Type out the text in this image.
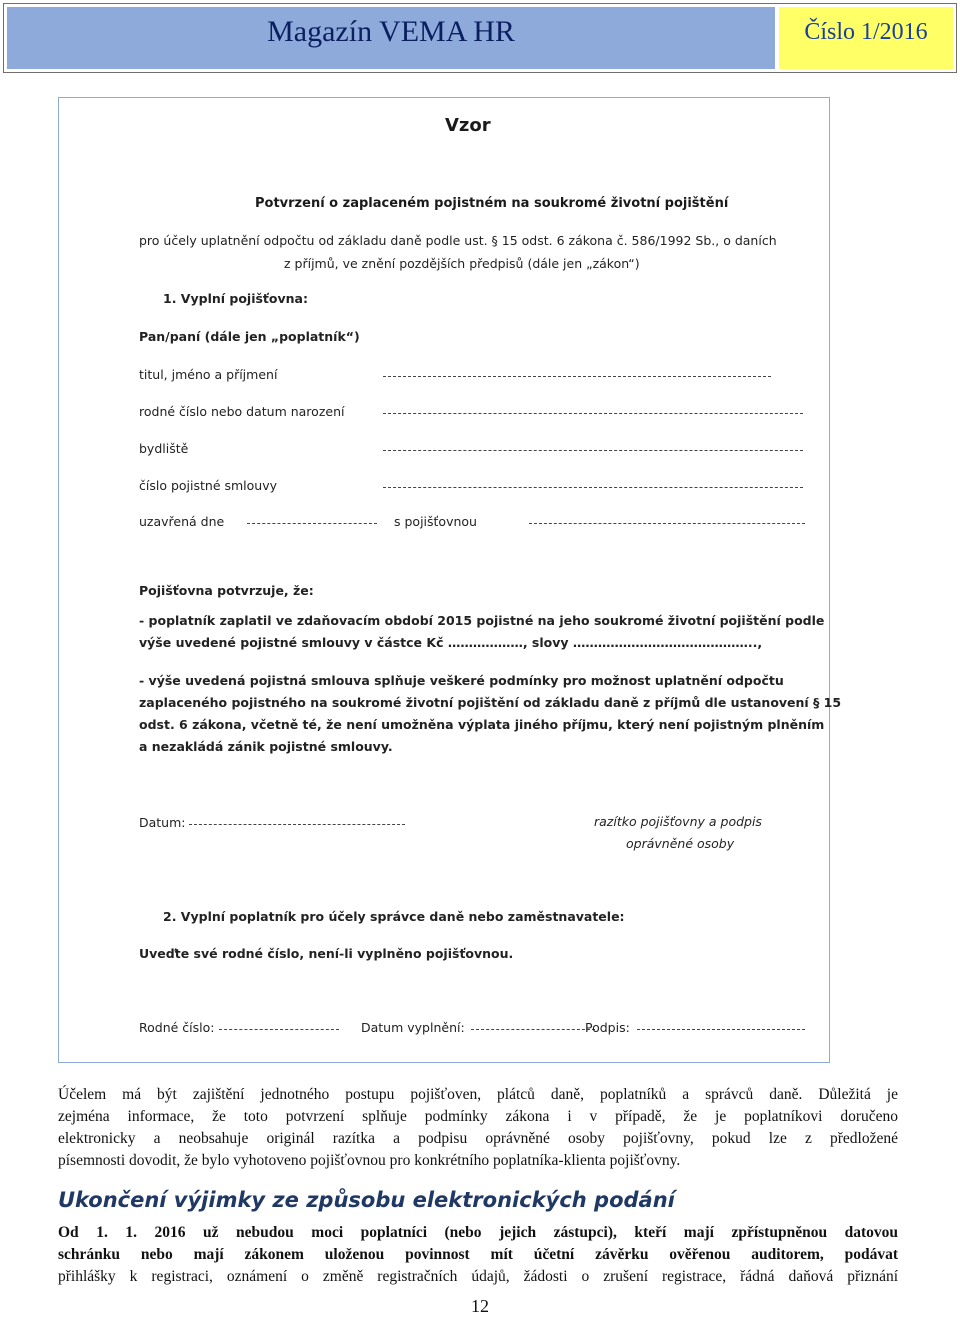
Magazín VEMA HR	Číslo 1/2016
Vzor
Potvrzení o zaplaceném pojistném na soukromé životní pojištění
pro účely uplatnění odpočtu od základu daně podle ust. § 15 odst. 6 zákona č. 586/1992 Sb., o daních
z příjmů, ve znění pozdějších předpisů (dále jen „zákon“)
1. Vyplní pojišťovna:
Pan/paní (dále jen „poplatník“)
titul, jméno a příjmení
rodné číslo nebo datum narození
bydliště
číslo pojistné smlouvy
uzavřená dne	s pojišťovnou
Pojišťovna potvrzuje, že:
- poplatník zaplatil ve zdaňovacím období 2015 pojistné na jeho soukromé životní pojištění podle
výše uvedené pojistné smlouvy v částce Kč ………………, slovy ……………………………………..,
- výše uvedená pojistná smlouva splňuje veškeré podmínky pro možnost uplatnění odpočtu
zaplaceného pojistného na soukromé životní pojištění od základu daně z příjmů dle ustanovení § 15
odst. 6 zákona, včetně té, že není umožněna výplata jiného příjmu, který není pojistným plněním
a nezakládá zánik pojistné smlouvy.
Datum:	razítko pojišťovny a podpis
oprávněné osoby
2. Vyplní poplatník pro účely správce daně nebo zaměstnavatele:
Uveďte své rodné číslo, není-li vyplněno pojišťovnou.
Rodné číslo:	Datum vyplnění:	Podpis:
Účelem má být zajištění jednotného postupu pojišťoven, plátců daně, poplatníků a správců daně. Důležitá je
zejména informace, že toto potvrzení splňuje podmínky zákona i v případě, že je poplatníkovi doručeno
elektronicky a neobsahuje originál razítka a podpisu oprávněné osoby pojišťovny, pokud lze z předložené
písemnosti dovodit, že bylo vyhotoveno pojišťovnou pro konkrétního poplatníka-klienta pojišťovny.
Ukončení výjimky ze způsobu elektronických podání
Od 1. 1. 2016 už nebudou moci poplatníci (nebo jejich zástupci), kteří mají zpřístupněnou datovou
schránku nebo mají zákonem uloženou povinnost mít účetní závěrku ověřenou auditorem, podávat
přihlášky k registraci, oznámení o změně registračních údajů, žádosti o zrušení registrace, řádná daňová přiznání
12
